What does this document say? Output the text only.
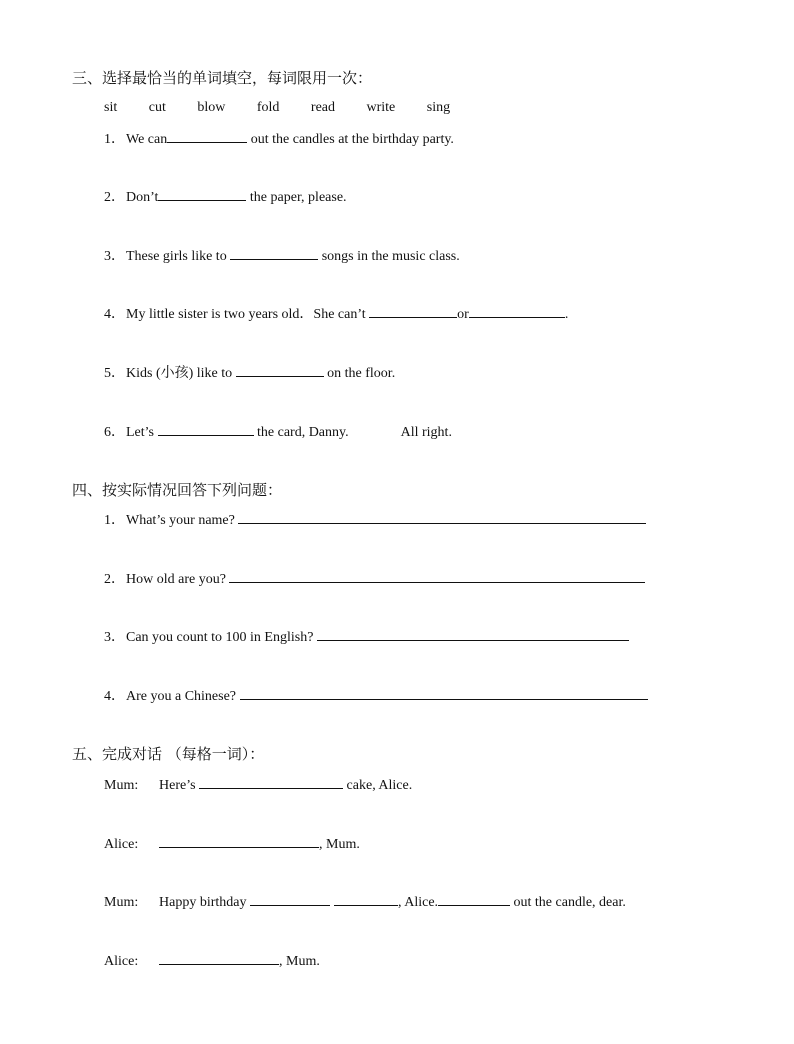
三、选择最恰当的单词填空，每词限用一次：
sit cut blow fold read write sing
1．We can	out the candles at the birthday party.
2．Don’t	the paper, please.
3．These girls like to	songs in the music class.
4．My little sister is two years old．She can’t	or	.
5．Kids (小孩) like to	on the floor.
6．Let’s	the card, Danny.	All right.
四、按实际情况回答下列问题：
1．What’s your name?
2．How old are you?
3．Can you count to 100 in English?
4．Are you a Chinese?
五、完成对话 （每格一词）：
Mum: Here’s	cake, Alice.
Alice:	, Mum.
Mum: Happy birthday	, Alice.	out the candle, dear.
Alice:	, Mum.
